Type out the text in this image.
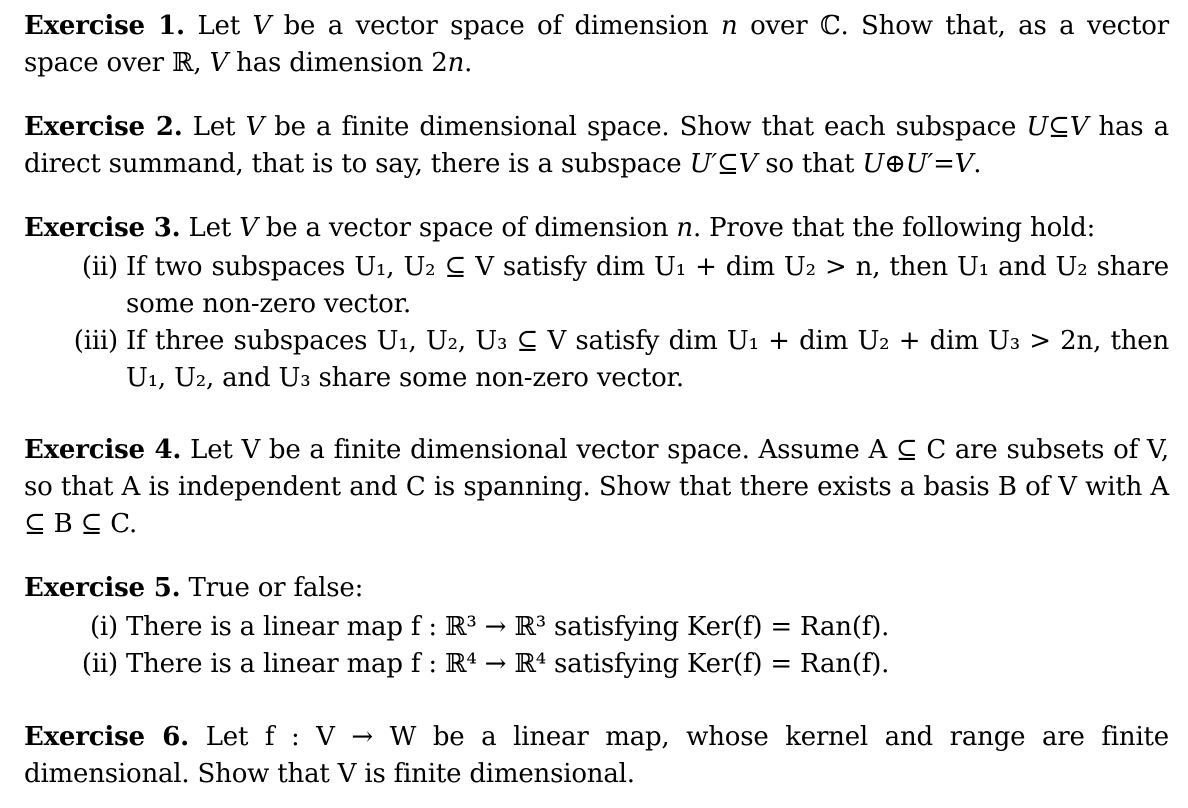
Exercise 1. Let V be a vector space of dimension n over ℂ. Show that, as a vector space over ℝ, V has dimension 2n.

Exercise 2. Let V be a finite dimensional space. Show that each subspace U⊆V has a direct summand, that is to say, there is a subspace U′⊆V so that U⊕U′=V.

Exercise 3. Let V be a vector space of dimension n. Prove that the following hold:
(ii) If two subspaces U₁, U₂ ⊆ V satisfy dim U₁ + dim U₂ > n, then U₁ and U₂ share some non-zero vector.
(iii) If three subspaces U₁, U₂, U₃ ⊆ V satisfy dim U₁ + dim U₂ + dim U₃ > 2n, then U₁, U₂, and U₃ share some non-zero vector.

Exercise 4. Let V be a finite dimensional vector space. Assume A ⊆ C are subsets of V, so that A is independent and C is spanning. Show that there exists a basis B of V with A ⊆ B ⊆ C.

Exercise 5. True or false:
(i) There is a linear map f : ℝ³ → ℝ³ satisfying Ker(f) = Ran(f).
(ii) There is a linear map f : ℝ⁴ → ℝ⁴ satisfying Ker(f) = Ran(f).

Exercise 6. Let f : V → W be a linear map, whose kernel and range are finite dimensional. Show that V is finite dimensional.
